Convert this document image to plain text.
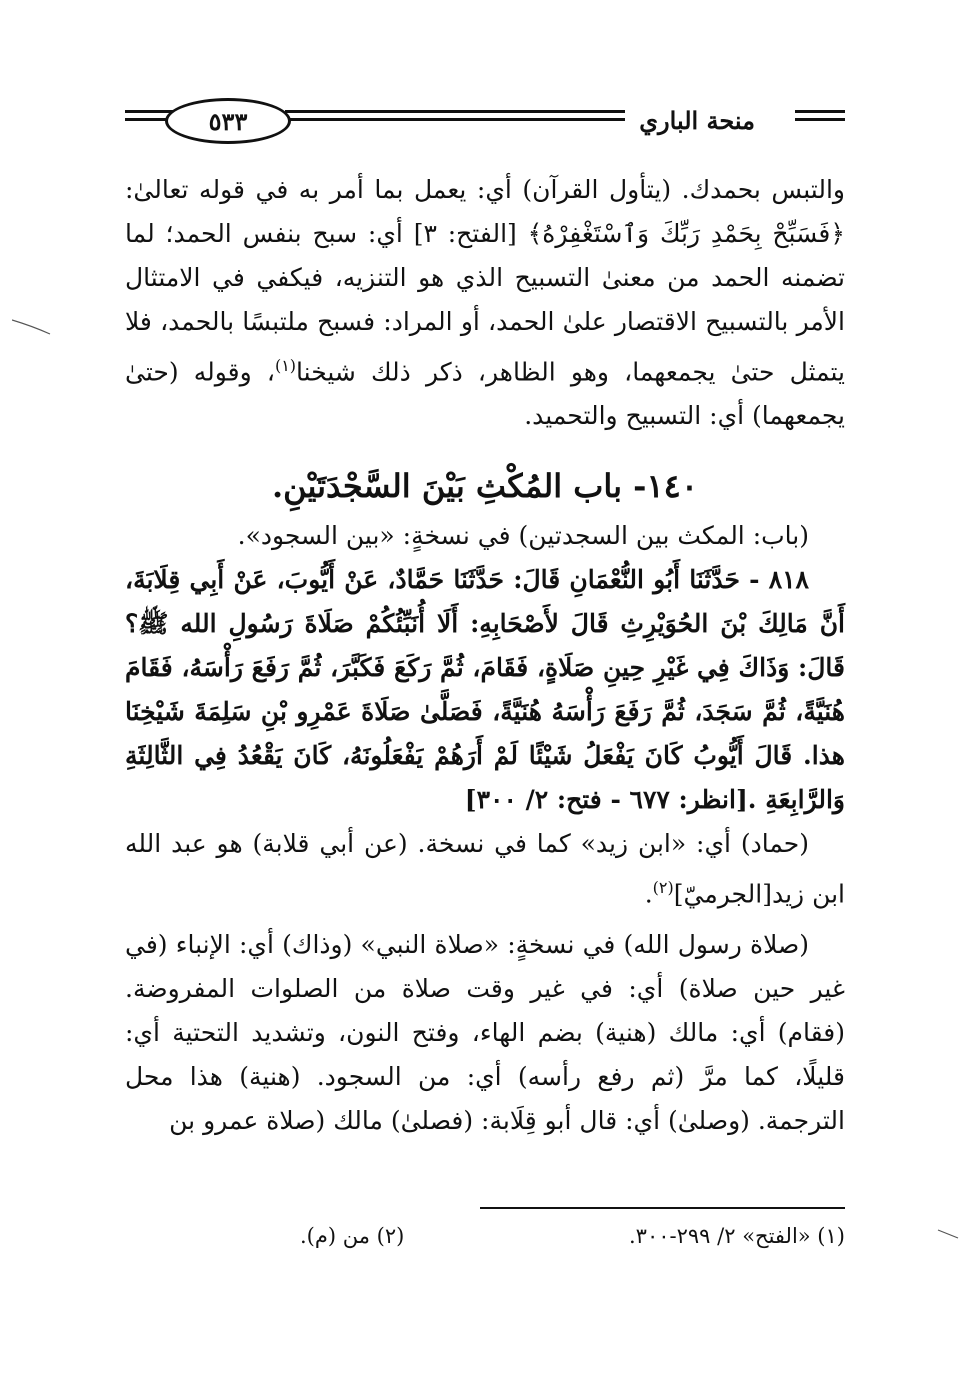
٥٣٣	منحة الباري

والتبس بحمدك. (يتأول القرآن) أي: يعمل بما أمر به في قوله تعالىٰ: ﴿فَسَبِّحْ بِحَمْدِ رَبِّكَ وَٱسْتَغْفِرْهُ﴾ [الفتح: ٣] أي: سبح بنفس الحمد؛ لما تضمنه الحمد من معنىٰ التسبيح الذي هو التنزيه، فيكفي في الامتثال الأمر بالتسبيح الاقتصار علىٰ الحمد، أو المراد: فسبح ملتبسًا بالحمد، فلا يتمثل حتىٰ يجمعهما، وهو الظاهر، ذكر ذلك شيخنا$^{(١)}$، وقوله (حتىٰ يجمعهما) أي: التسبيح والتحميد.

١٤٠- باب المُكْثِ بَيْنَ السَّجْدَتَيْنِ.

(باب: المكث بين السجدتين) في نسخةٍ: «بين السجود».

٨١٨ - حَدَّثَنَا أَبُو النُّعْمَانِ قَالَ: حَدَّثَنَا حَمَّادٌ، عَنْ أَيُّوبَ، عَنْ أَبِي قِلَابَةَ، أَنَّ مَالِكَ بْنَ الحُوَيْرِثِ قَالَ لأَصْحَابِهِ: أَلَا أُنَبِّئُكُمْ صَلَاةَ رَسُولِ الله ﷺ؟ قَالَ: وَذَاكَ فِي غَيْرِ حِينِ صَلَاةٍ، فَقَامَ، ثُمَّ رَكَعَ فَكَبَّرَ، ثُمَّ رَفَعَ رَأْسَهُ، فَقَامَ هُنَيَّةً، ثُمَّ سَجَدَ، ثُمَّ رَفَعَ رَأْسَهُ هُنَيَّةً، فَصَلَّىٰ صَلَاةَ عَمْرِو بْنِ سَلِمَةَ شَيْخِنَا هذا. قَالَ أَيُّوبُ كَانَ يَفْعَلُ شَيْئًا لَمْ أَرَهُمْ يَفْعَلُونَهُ، كَانَ يَقْعُدُ فِي الثَّالِثَةِ وَالرَّابِعَةِ .[انظر: ٦٧٧ - فتح: ٢/ ٣٠٠]

(حماد) أي: «ابن زيد» كما في نسخة. (عن أبي قلابة) هو عبد الله ابن زيد[الجرميّ]$^{(٢)}$.

(صلاة رسول الله) في نسخةٍ: «صلاة النبي» (وذاك) أي: الإنباء (في غير حين صلاة) أي: في غير وقت صلاة من الصلوات المفروضة. (فقام) أي: مالك (هنية) بضم الهاء، وفتح النون، وتشديد التحتية أي: قليلًا، كما مرَّ (ثم رفع رأسه) أي: من السجود. (هنية) هذا محل الترجمة. (وصلىٰ) أي: قال أبو قِلَابة: (فصلىٰ) مالك (صلاة عمرو بن

(١) «الفتح» ٢/ ٢٩٩-٣٠٠.
(٢) من (م).
